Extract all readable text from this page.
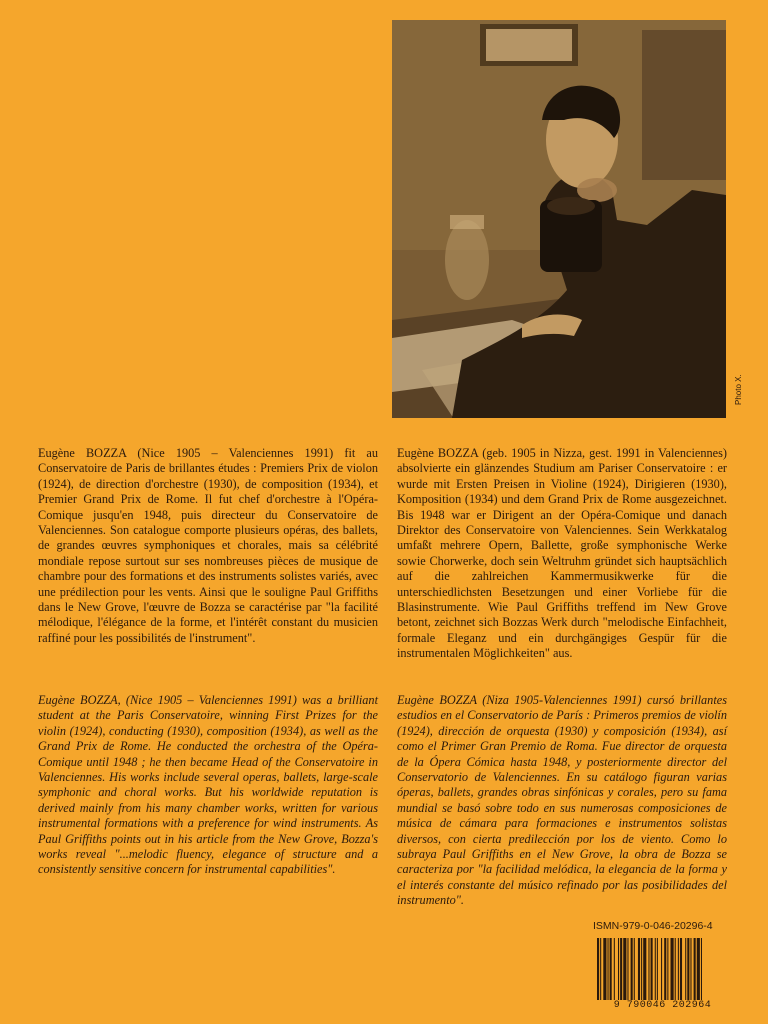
Photo X.
Eugène BOZZA (Nice 1905 – Valenciennes 1991) fit au Conservatoire de Paris de brillantes études : Premiers Prix de violon (1924), de direction d'orchestre (1930), de composition (1934), et Premier Grand Prix de Rome. Il fut chef d'orchestre à l'Opéra-Comique jusqu'en 1948, puis directeur du Conservatoire de Valenciennes. Son catalogue comporte plusieurs opéras, des ballets, de grandes œuvres symphoniques et chorales, mais sa célébrité mondiale repose surtout sur ses nombreuses pièces de musique de chambre pour des formations et des instruments solistes variés, avec une prédilection pour les vents. Ainsi que le souligne Paul Griffiths dans le New Grove, l'œuvre de Bozza se caractérise par "la facilité mélodique, l'élégance de la forme, et l'intérêt constant du musicien raffiné pour les possibilités de l'instrument".
Eugène BOZZA (geb. 1905 in Nizza, gest. 1991 in Valenciennes) absolvierte ein glänzendes Studium am Pariser Conservatoire : er wurde mit Ersten Preisen in Violine (1924), Dirigieren (1930), Komposition (1934) und dem Grand Prix de Rome ausgezeichnet. Bis 1948 war er Dirigent an der Opéra-Comique und danach Direktor des Conservatoire von Valenciennes. Sein Werkkatalog umfaßt mehrere Opern, Ballette, große symphonische Werke sowie Chorwerke, doch sein Weltruhm gründet sich hauptsächlich auf die zahlreichen Kammermusikwerke für die unterschiedlichsten Besetzungen und einer Vorliebe für die Blasinstrumente. Wie Paul Griffiths treffend im New Grove betont, zeichnet sich Bozzas Werk durch "melodische Einfachheit, formale Eleganz und ein durchgängiges Gespür für die instrumentalen Möglichkeiten" aus.
Eugène BOZZA, (Nice 1905 – Valenciennes 1991) was a brilliant student at the Paris Conservatoire, winning First Prizes for the violin (1924), conducting (1930), composition (1934), as well as the Grand Prix de Rome. He conducted the orchestra of the Opéra-Comique until 1948 ; he then became Head of the Conservatoire in Valenciennes. His works include several operas, ballets, large-scale symphonic and choral works. But his worldwide reputation is derived mainly from his many chamber works, written for various instrumental formations with a preference for wind instruments. As Paul Griffiths points out in his article from the New Grove, Bozza's works reveal "...melodic fluency, elegance of structure and a consistently sensitive concern for instrumental capabilities".
Eugène BOZZA (Niza 1905-Valenciennes 1991) cursó brillantes estudios en el Conservatorio de París : Primeros premios de violín (1924), dirección de orquesta (1930) y composición (1934), así como el Primer Gran Premio de Roma. Fue director de orquesta de la Ópera Cómica hasta 1948, y posteriormente director del Conservatorio de Valenciennes. En su catálogo figuran varias óperas, ballets, grandes obras sinfónicas y corales, pero su fama mundial se basó sobre todo en sus numerosas composiciones de música de cámara para formaciones e instrumentos solistas diversos, con cierta predilección por los de viento. Como lo subraya Paul Griffiths en el New Grove, la obra de Bozza se caracteriza por "la facilidad melódica, la elegancia de la forma y el interés constante del músico refinado por las posibilidades del instrumento".
ISMN-979-0-046-20296-4
9 790046 202964
